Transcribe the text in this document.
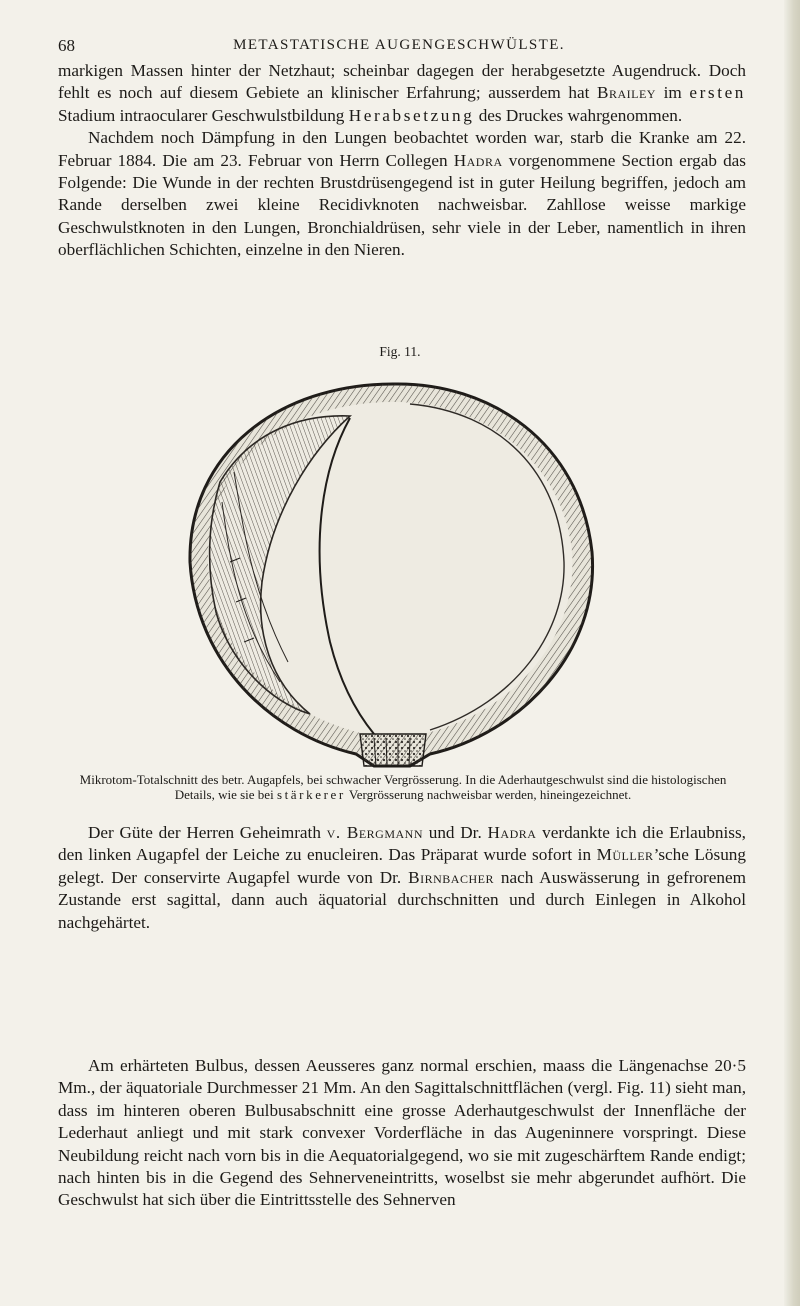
68	METASTATISCHE AUGENGESCHWÜLSTE.

markigen Massen hinter der Netzhaut; scheinbar dagegen der herabgesetzte Augendruck. Doch fehlt es noch auf diesem Gebiete an klinischer Erfahrung; ausserdem hat Brailey im ersten Stadium intraocularer Geschwulstbildung Herabsetzung des Druckes wahrgenommen.
Nachdem noch Dämpfung in den Lungen beobachtet worden war, starb die Kranke am 22. Februar 1884. Die am 23. Februar von Herrn Collegen Hadra vorgenommene Section ergab das Folgende: Die Wunde in der rechten Brustdrüsengegend ist in guter Heilung begriffen, jedoch am Rande derselben zwei kleine Recidivknoten nachweisbar. Zahllose weisse markige Geschwulstknoten in den Lungen, Bronchialdrüsen, sehr viele in der Leber, namentlich in ihren oberflächlichen Schichten, einzelne in den Nieren.

Fig. 11.

Mikrotom-Totalschnitt des betr. Augapfels, bei schwacher Vergrösserung. In die Aderhautgeschwulst sind die histologischen Details, wie sie bei stärkerer Vergrösserung nachweisbar werden, hineingezeichnet.

Der Güte der Herren Geheimrath v. Bergmann und Dr. Hadra verdankte ich die Erlaubniss, den linken Augapfel der Leiche zu enucleiren. Das Präparat wurde sofort in Müller’sche Lösung gelegt. Der conservirte Augapfel wurde von Dr. Birnbacher nach Auswässerung in gefrorenem Zustande erst sagittal, dann auch äquatorial durchschnitten und durch Einlegen in Alkohol nachgehärtet.

Am erhärteten Bulbus, dessen Aeusseres ganz normal erschien, maass die Längenachse 20·5 Mm., der äquatoriale Durchmesser 21 Mm. An den Sagittalschnittflächen (vergl. Fig. 11) sieht man, dass im hinteren oberen Bulbusabschnitt eine grosse Aderhautgeschwulst der Innenfläche der Lederhaut anliegt und mit stark convexer Vorderfläche in das Augeninnere vorspringt. Diese Neubildung reicht nach vorn bis in die Aequatorialgegend, wo sie mit zugeschärftem Rande endigt; nach hinten bis in die Gegend des Sehnerveneintritts, woselbst sie mehr abgerundet aufhört. Die Geschwulst hat sich über die Eintrittsstelle des Sehnerven
